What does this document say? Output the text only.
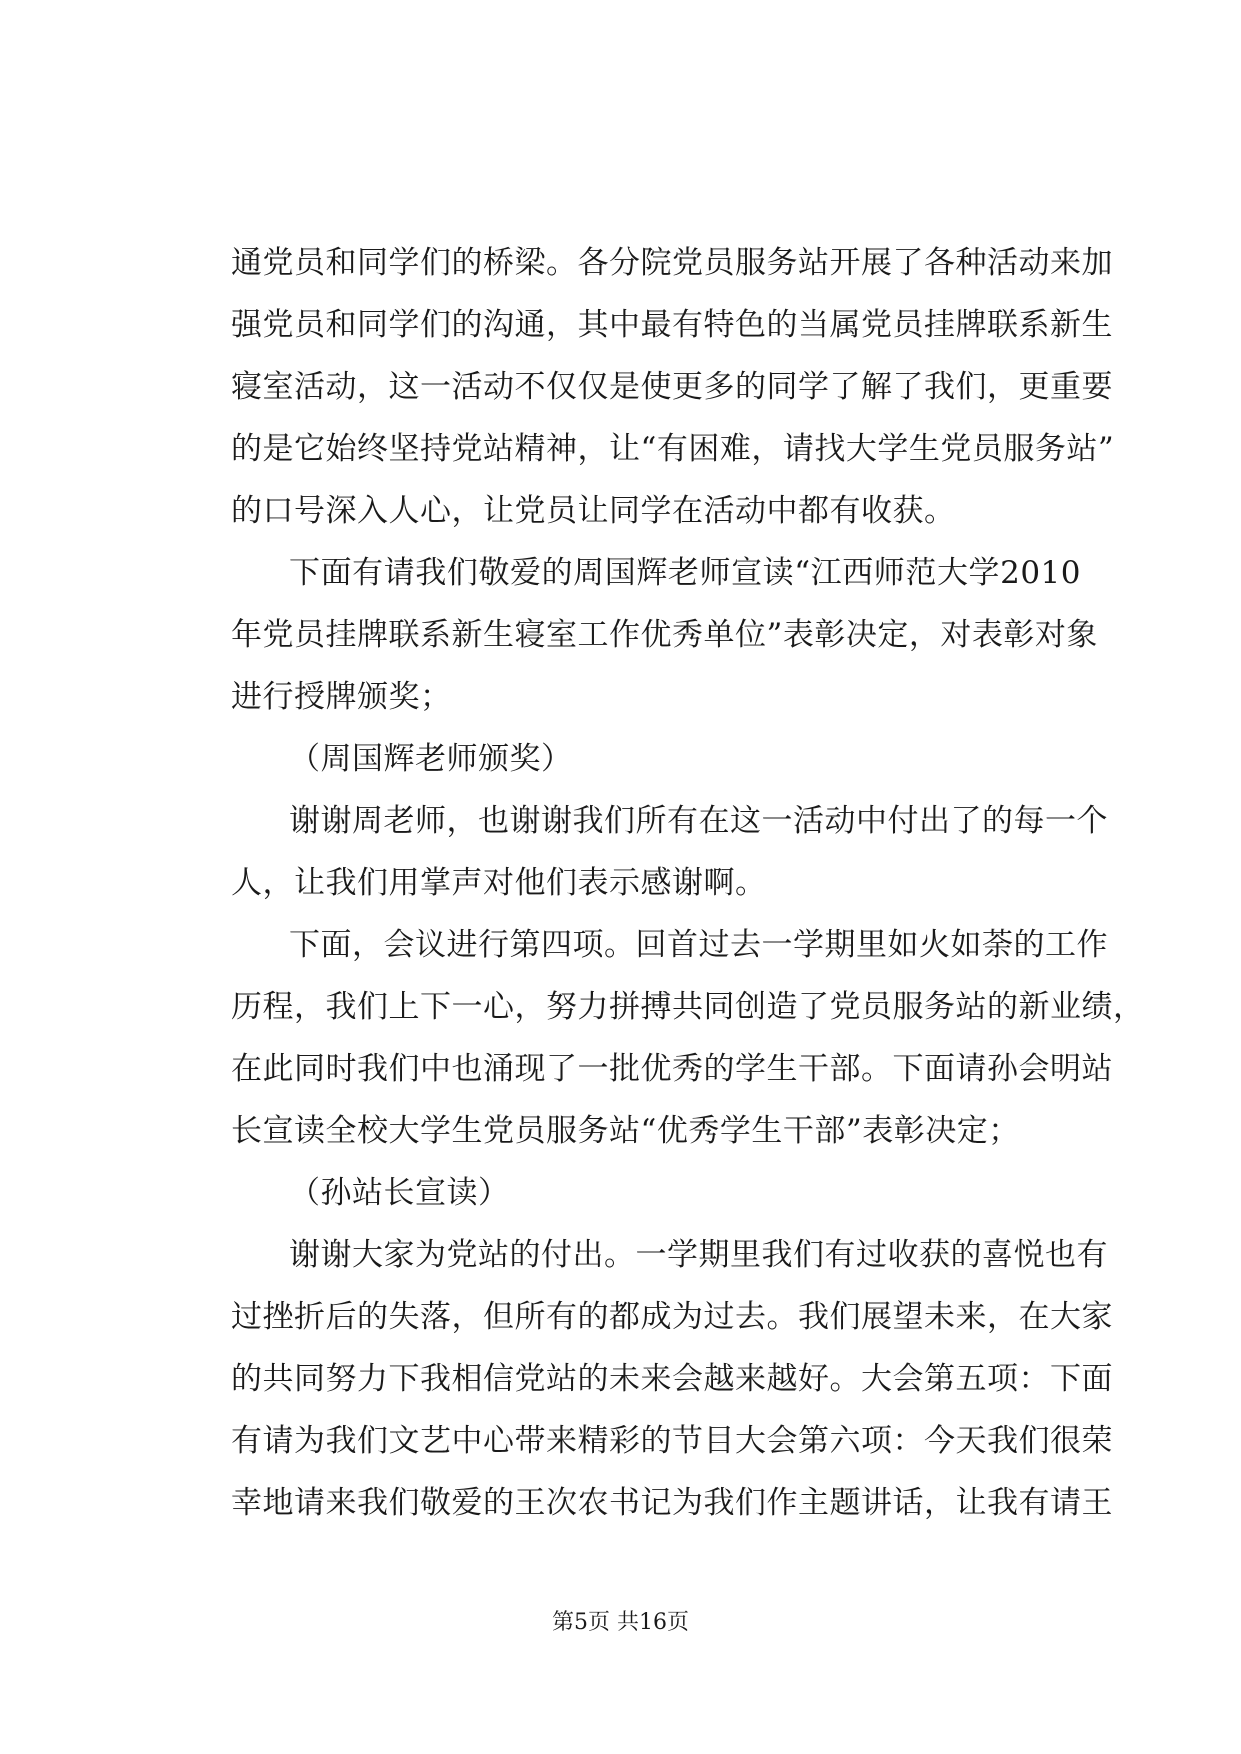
通党员和同学们的桥梁。各分院党员服务站开展了各种活动来加
强党员和同学们的沟通，其中最有特色的当属党员挂牌联系新生
寝室活动，这一活动不仅仅是使更多的同学了解了我们，更重要
的是它始终坚持党站精神，让“有困难，请找大学生党员服务站”
的口号深入人心，让党员让同学在活动中都有收获。
下面有请我们敬爱的周国辉老师宣读“江西师范大学2010
年党员挂牌联系新生寝室工作优秀单位”表彰决定，对表彰对象
进行授牌颁奖；
（周国辉老师颁奖）
谢谢周老师，也谢谢我们所有在这一活动中付出了的每一个
人，让我们用掌声对他们表示感谢啊。
下面，会议进行第四项。回首过去一学期里如火如荼的工作
历程，我们上下一心，努力拼搏共同创造了党员服务站的新业绩，
在此同时我们中也涌现了一批优秀的学生干部。下面请孙会明站
长宣读全校大学生党员服务站“优秀学生干部”表彰决定；
（孙站长宣读）
谢谢大家为党站的付出。一学期里我们有过收获的喜悦也有
过挫折后的失落，但所有的都成为过去。我们展望未来，在大家
的共同努力下我相信党站的未来会越来越好。大会第五项：下面
有请为我们文艺中心带来精彩的节目大会第六项：今天我们很荣
幸地请来我们敬爱的王次农书记为我们作主题讲话，让我有请王
第5页 共16页
